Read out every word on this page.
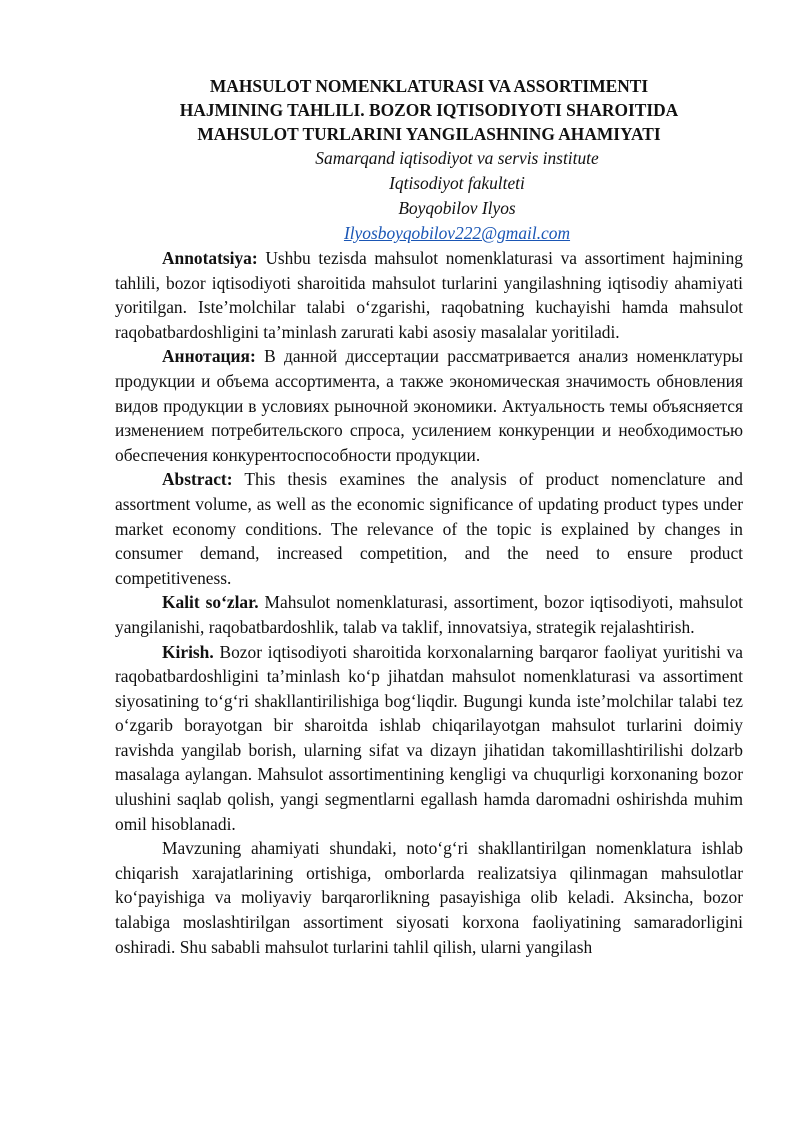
MAHSULOT NOMENKLATURASI VA ASSORTIMENTI
HAJMINING TAHLILI. BOZOR IQTISODIYOTI SHAROITIDA
MAHSULOT TURLARINI YANGILASHNING AHAMIYATI
Samarqand iqtisodiyot va servis institute
Iqtisodiyot fakulteti
Boyqobilov Ilyos
Ilyosboyqobilov222@gmail.com

Annotatsiya: Ushbu tezisda mahsulot nomenklaturasi va assortiment hajmining tahlili, bozor iqtisodiyoti sharoitida mahsulot turlarini yangilashning iqtisodiy ahamiyati yoritilgan. Iste’molchilar talabi o‘zgarishi, raqobatning kuchayishi hamda mahsulot raqobatbardoshligini ta’minlash zarurati kabi asosiy masalalar yoritiladi.

Аннотация: В данной диссертации рассматривается анализ номенклатуры продукции и объема ассортимента, а также экономическая значимость обновления видов продукции в условиях рыночной экономики. Актуальность темы объясняется изменением потребительского спроса, усилением конкуренции и необходимостью обеспечения конкурентоспособности продукции.

Abstract: This thesis examines the analysis of product nomenclature and assortment volume, as well as the economic significance of updating product types under market economy conditions. The relevance of the topic is explained by changes in consumer demand, increased competition, and the need to ensure product competitiveness.

Kalit so‘zlar. Mahsulot nomenklaturasi, assortiment, bozor iqtisodiyoti, mahsulot yangilanishi, raqobatbardoshlik, talab va taklif, innovatsiya, strategik rejalashtirish.

Kirish. Bozor iqtisodiyoti sharoitida korxonalarning barqaror faoliyat yuritishi va raqobatbardoshligini ta’minlash ko‘p jihatdan mahsulot nomenklaturasi va assortiment siyosatining to‘g‘ri shakllantirilishiga bog‘liqdir. Bugungi kunda iste’molchilar talabi tez o‘zgarib borayotgan bir sharoitda ishlab chiqarilayotgan mahsulot turlarini doimiy ravishda yangilab borish, ularning sifat va dizayn jihatidan takomillashtirilishi dolzarb masalaga aylangan. Mahsulot assortimentining kengligi va chuqurligi korxonaning bozor ulushini saqlab qolish, yangi segmentlarni egallash hamda daromadni oshirishda muhim omil hisoblanadi.

Mavzuning ahamiyati shundaki, noto‘g‘ri shakllantirilgan nomenklatura ishlab chiqarish xarajatlarining ortishiga, omborlarda realizatsiya qilinmagan mahsulotlar ko‘payishiga va moliyaviy barqarorlikning pasayishiga olib keladi. Aksincha, bozor talabiga moslashtirilgan assortiment siyosati korxona faoliyatining samaradorligini oshiradi. Shu sababli mahsulot turlarini tahlil qilish, ularni yangilash
